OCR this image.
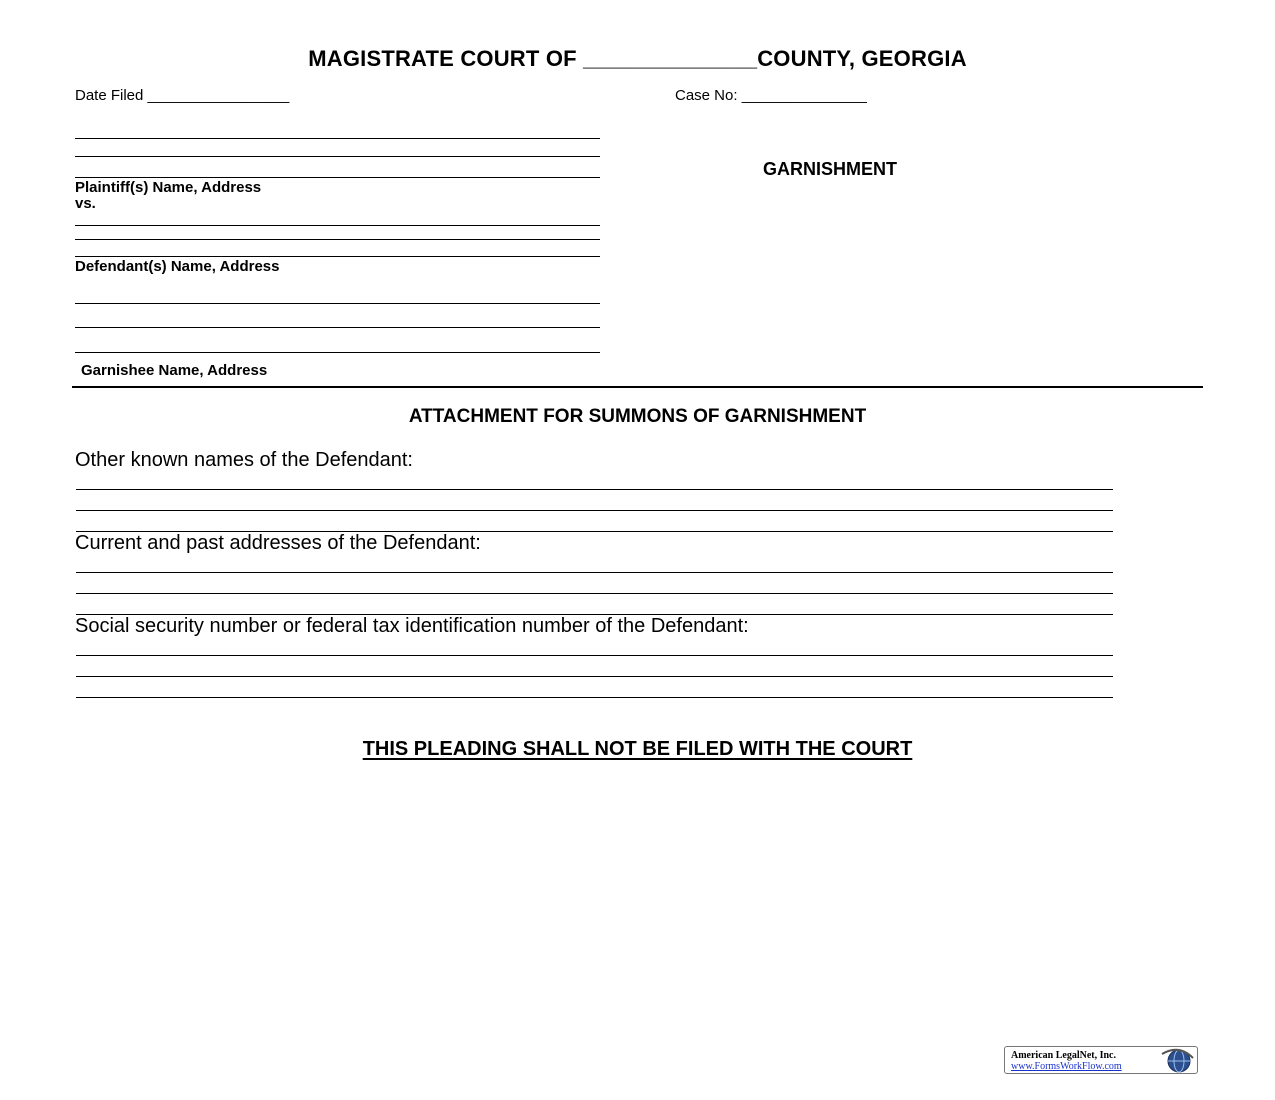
MAGISTRATE COURT OF ______________COUNTY, GEORGIA
Date Filed _________________	Case No: _______________
Plaintiff(s) Name, Address
vs.
Defendant(s) Name, Address
Garnishee Name, Address
GARNISHMENT
ATTACHMENT FOR SUMMONS OF GARNISHMENT
Other known names of the Defendant:
Current and past addresses of the Defendant:
Social security number or federal tax identification number of the Defendant:
THIS PLEADING SHALL NOT BE FILED WITH THE COURT
American LegalNet, Inc.
www.FormsWorkFlow.com
